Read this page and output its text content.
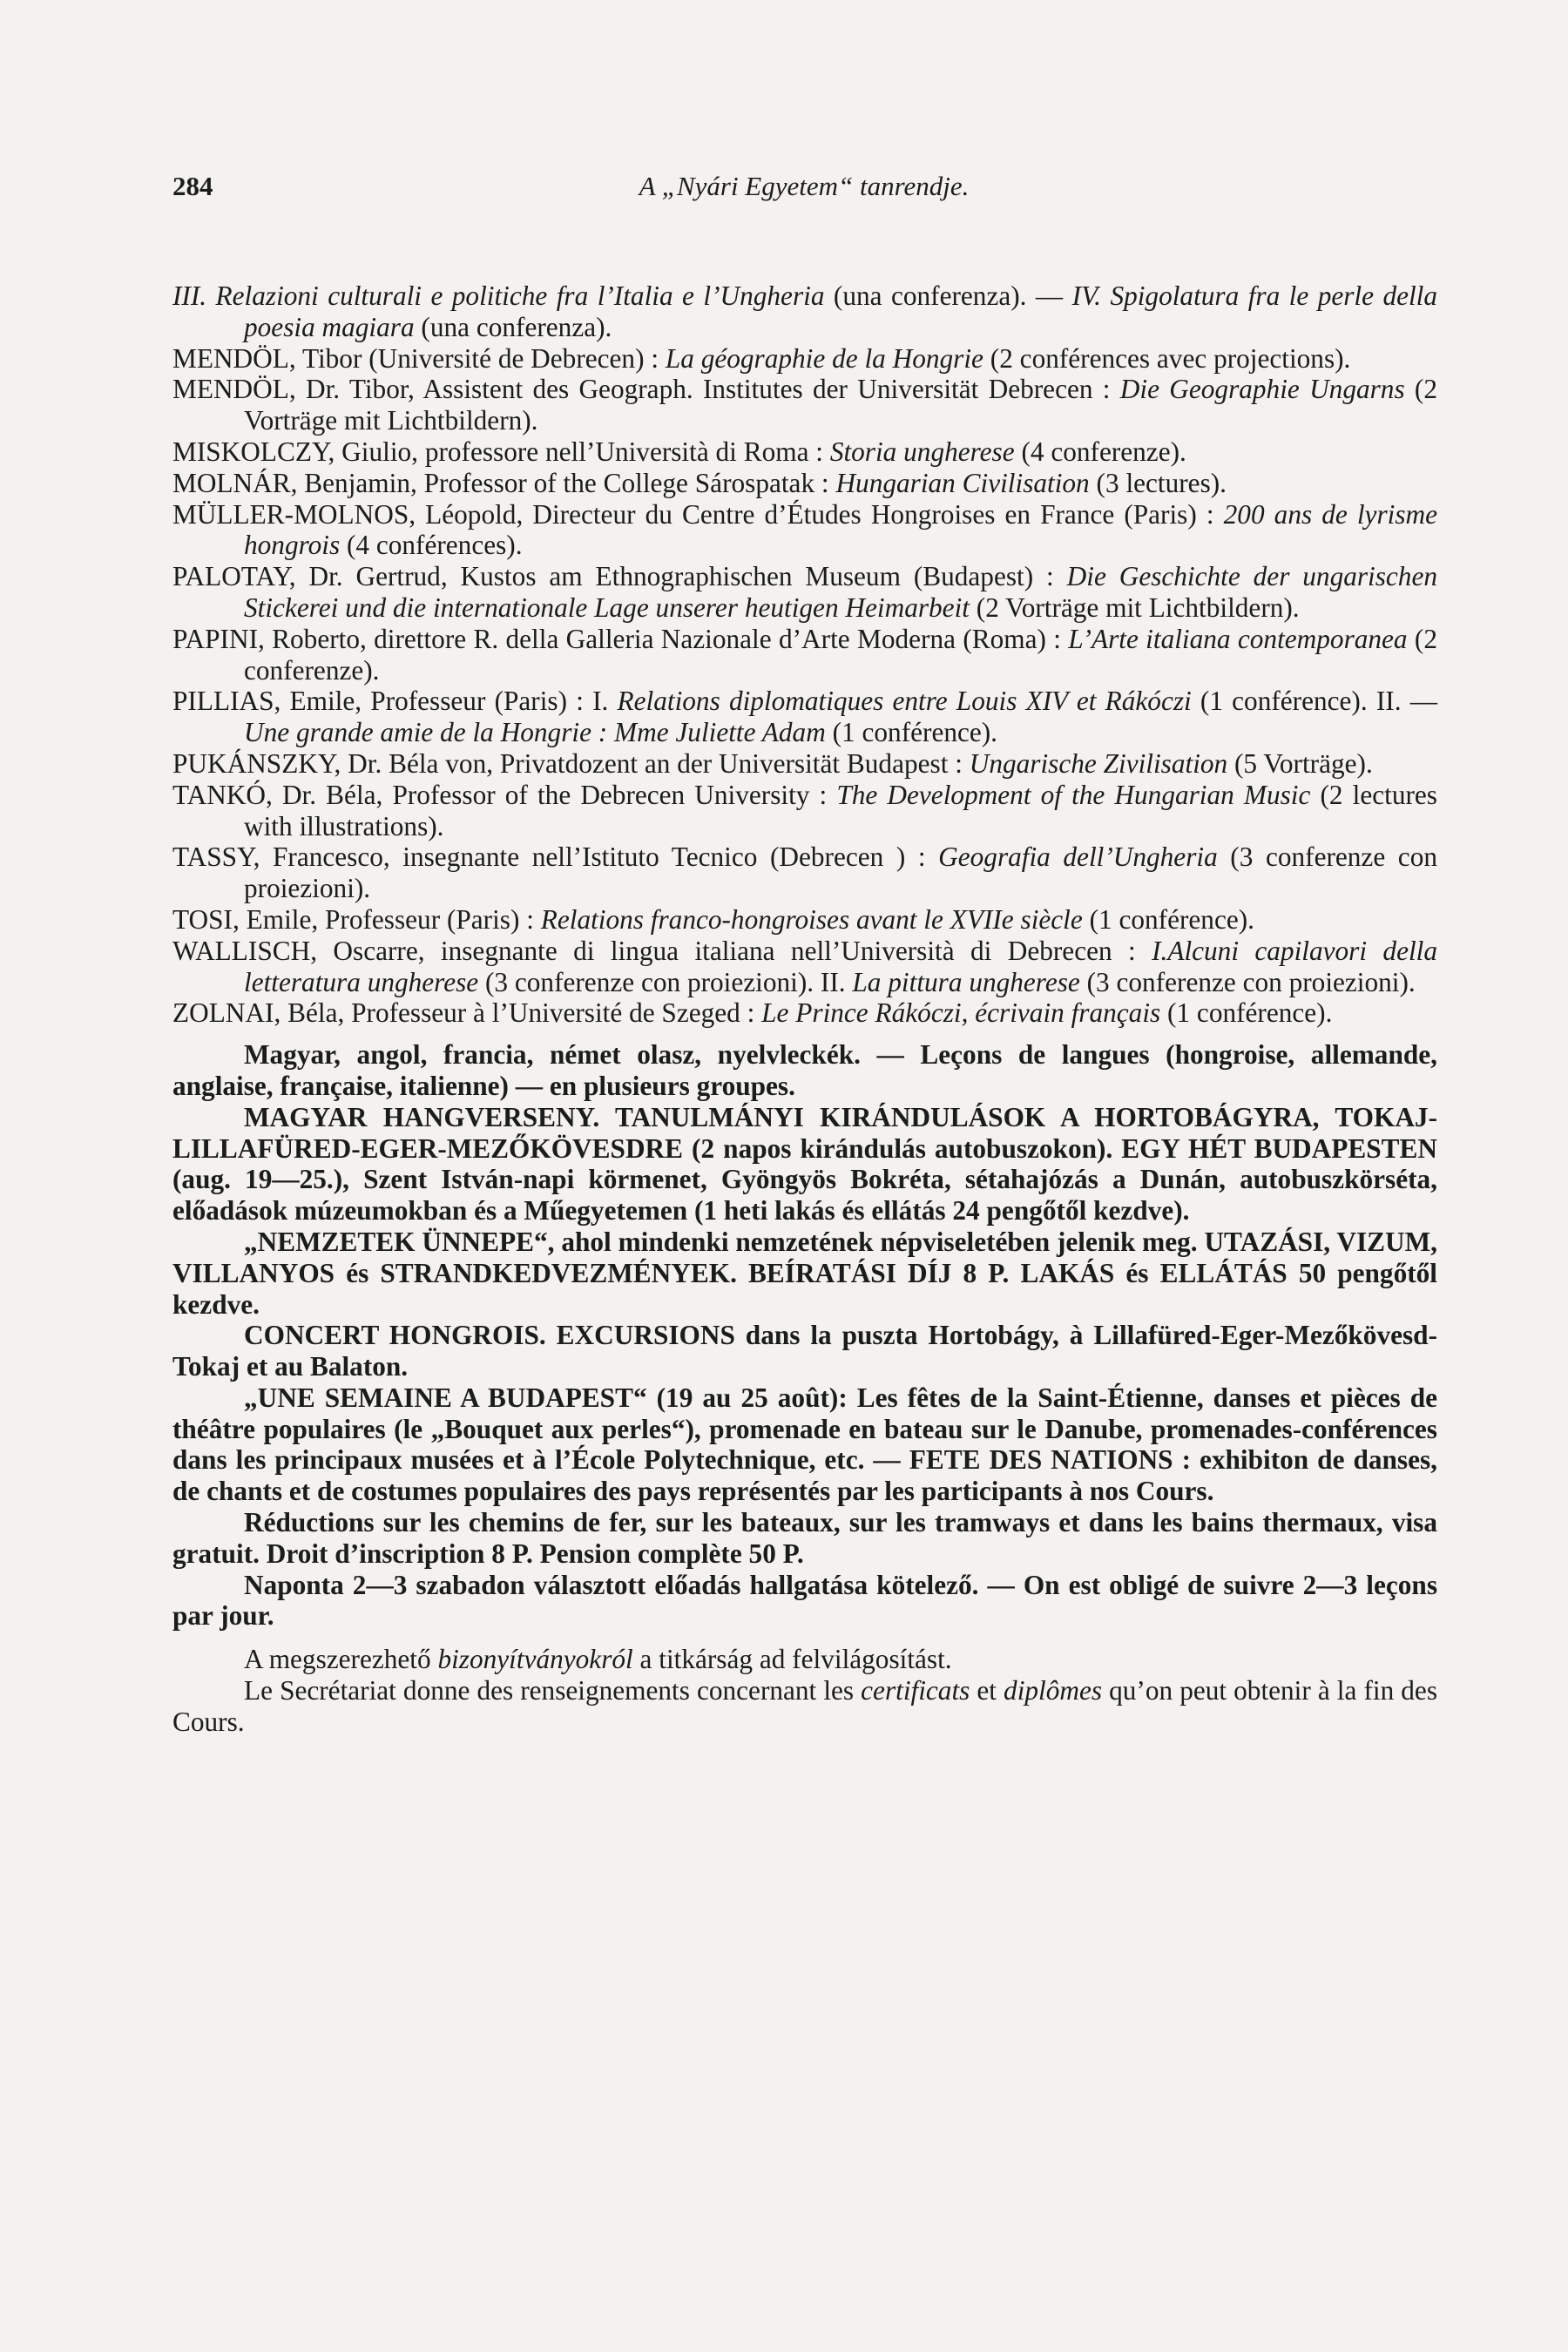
284	A „Nyári Egyetem“ tanrendje.

III. Relazioni culturali e politiche fra l’Italia e l’Ungheria (una conferenza). — IV. Spigolatura fra le perle della poesia magiara (una conferenza).

MENDÖL, Tibor (Université de Debrecen) : La géographie de la Hongrie (2 conférences avec projections).

MENDÖL, Dr. Tibor, Assistent des Geograph. Institutes der Universität Debrecen : Die Geographie Ungarns (2 Vorträge mit Lichtbildern).

MISKOLCZY, Giulio, professore nell’Università di Roma : Storia ungherese (4 conferenze).

MOLNÁR, Benjamin, Professor of the College Sárospatak : Hungarian Civilisation (3 lectures).

MÜLLER-MOLNOS, Léopold, Directeur du Centre d’Études Hongroises en France (Paris) : 200 ans de lyrisme hongrois (4 conférences).

PALOTAY, Dr. Gertrud, Kustos am Ethnographischen Museum (Budapest) : Die Geschichte der ungarischen Stickerei und die internationale Lage unserer heutigen Heimarbeit (2 Vorträge mit Lichtbildern).

PAPINI, Roberto, direttore R. della Galleria Nazionale d’Arte Moderna (Roma) : L’Arte italiana contemporanea (2 conferenze).

PILLIAS, Emile, Professeur (Paris) : I. Relations diplomatiques entre Louis XIV et Rákóczi (1 conférence). II. — Une grande amie de la Hongrie : Mme Juliette Adam (1 conférence).

PUKÁNSZKY, Dr. Béla von, Privatdozent an der Universität Budapest : Ungarische Zivilisation (5 Vorträge).

TANKÓ, Dr. Béla, Professor of the Debrecen University : The Development of the Hungarian Music (2 lectures with illustrations).

TASSY, Francesco, insegnante nell’Istituto Tecnico (Debrecen ) : Geografia dell’Ungheria (3 conferenze con proiezioni).

TOSI, Emile, Professeur (Paris) : Relations franco-hongroises avant le XVIIe siècle (1 conférence).

WALLISCH, Oscarre, insegnante di lingua italiana nell’Università di Debrecen : I.Alcuni capilavori della letteratura ungherese (3 conferenze con proiezioni). II. La pittura ungherese (3 conferenze con proiezioni).

ZOLNAI, Béla, Professeur à l’Université de Szeged : Le Prince Rákóczi, écrivain français (1 conférence).

Magyar, angol, francia, német olasz, nyelvleckék. — Leçons de langues (hongroise, allemande, anglaise, française, italienne) — en plusieurs groupes.

MAGYAR HANGVERSENY. TANULMÁNYI KIRÁNDULÁSOK A HORTOBÁGYRA, TOKAJ-LILLAFÜRED-EGER-MEZŐKÖVESDRE (2 napos kirándulás autobuszokon). EGY HÉT BUDAPESTEN (aug. 19—25.), Szent István-napi körmenet, Gyöngyös Bokréta, sétahajózás a Dunán, autobuszkörséta, előadások múzeumokban és a Műegyetemen (1 heti lakás és ellátás 24 pengőtől kezdve).

„NEMZETEK ÜNNEPE“, ahol mindenki nemzetének népviseletében jelenik meg. UTAZÁSI, VIZUM, VILLANYOS és STRANDKEDVEZMÉNYEK. BEÍRATÁSI DÍJ 8 P. LAKÁS és ELLÁTÁS 50 pengőtől kezdve.

CONCERT HONGROIS. EXCURSIONS dans la puszta Hortobágy, à Lillafüred-Eger-Mezőkövesd-Tokaj et au Balaton.

„UNE SEMAINE A BUDAPEST“ (19 au 25 août): Les fêtes de la Saint-Étienne, danses et pièces de théâtre populaires (le „Bouquet aux perles“), promenade en bateau sur le Danube, promenades-conférences dans les principaux musées et à l’École Polytechnique, etc. — FETE DES NATIONS : exhibiton de danses, de chants et de costumes populaires des pays représentés par les participants à nos Cours.

Réductions sur les chemins de fer, sur les bateaux, sur les tramways et dans les bains thermaux, visa gratuit. Droit d’inscription 8 P. Pension complète 50 P.

Naponta 2—3 szabadon választott előadás hallgatása kötelező. — On est obligé de suivre 2—3 leçons par jour.

A megszerezhető bizonyítványokról a titkárság ad felvilágosítást.

Le Secrétariat donne des renseignements concernant les certificats et diplômes qu’on peut obtenir à la fin des Cours.
